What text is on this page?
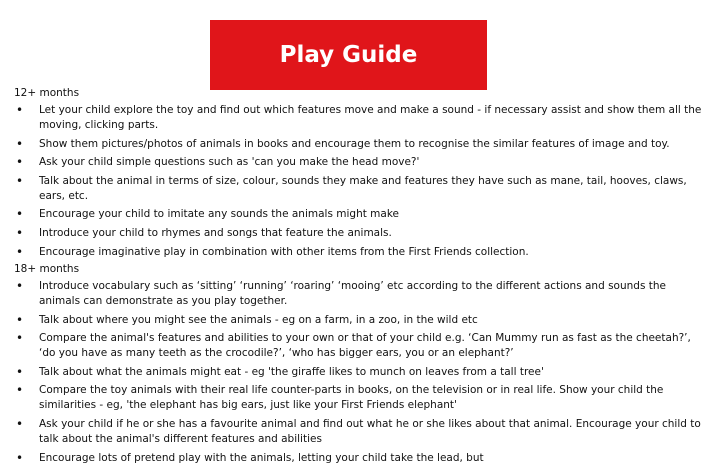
Play Guide
12+ months
• Let your child explore the toy and find out which features move and make a sound - if necessary assist and show them all the moving, clicking parts.
• Show them pictures/photos of animals in books and encourage them to recognise the similar features of image and toy.
• Ask your child simple questions such as 'can you make the head move?'
• Talk about the animal in terms of size, colour, sounds they make and features they have such as mane, tail, hooves, claws, ears, etc.
• Encourage your child to imitate any sounds the animals might make
• Introduce your child to rhymes and songs that feature the animals.
• Encourage imaginative play in combination with other items from the First Friends collection.
18+ months
• Introduce vocabulary such as ‘sitting’ ‘running’ ‘roaring’ ‘mooing’ etc according to the different actions and sounds the animals can demonstrate as you play together.
• Talk about where you might see the animals - eg on a farm, in a zoo, in the wild etc
• Compare the animal's features and abilities to your own or that of your child e.g. ‘Can Mummy run as fast as the cheetah?’, ‘do you have as many teeth as the crocodile?’, ‘who has bigger ears, you or an elephant?’
• Talk about what the animals might eat - eg 'the giraffe likes to munch on leaves from a tall tree'
• Compare the toy animals with their real life counter-parts in books, on the television or in real life. Show your child the similarities - eg, 'the elephant has big ears, just like your First Friends elephant'
• Ask your child if he or she has a favourite animal and find out what he or she likes about that animal. Encourage your child to talk about the animal's different features and abilities
• Encourage lots of pretend play with the animals, letting your child take the lead, but
